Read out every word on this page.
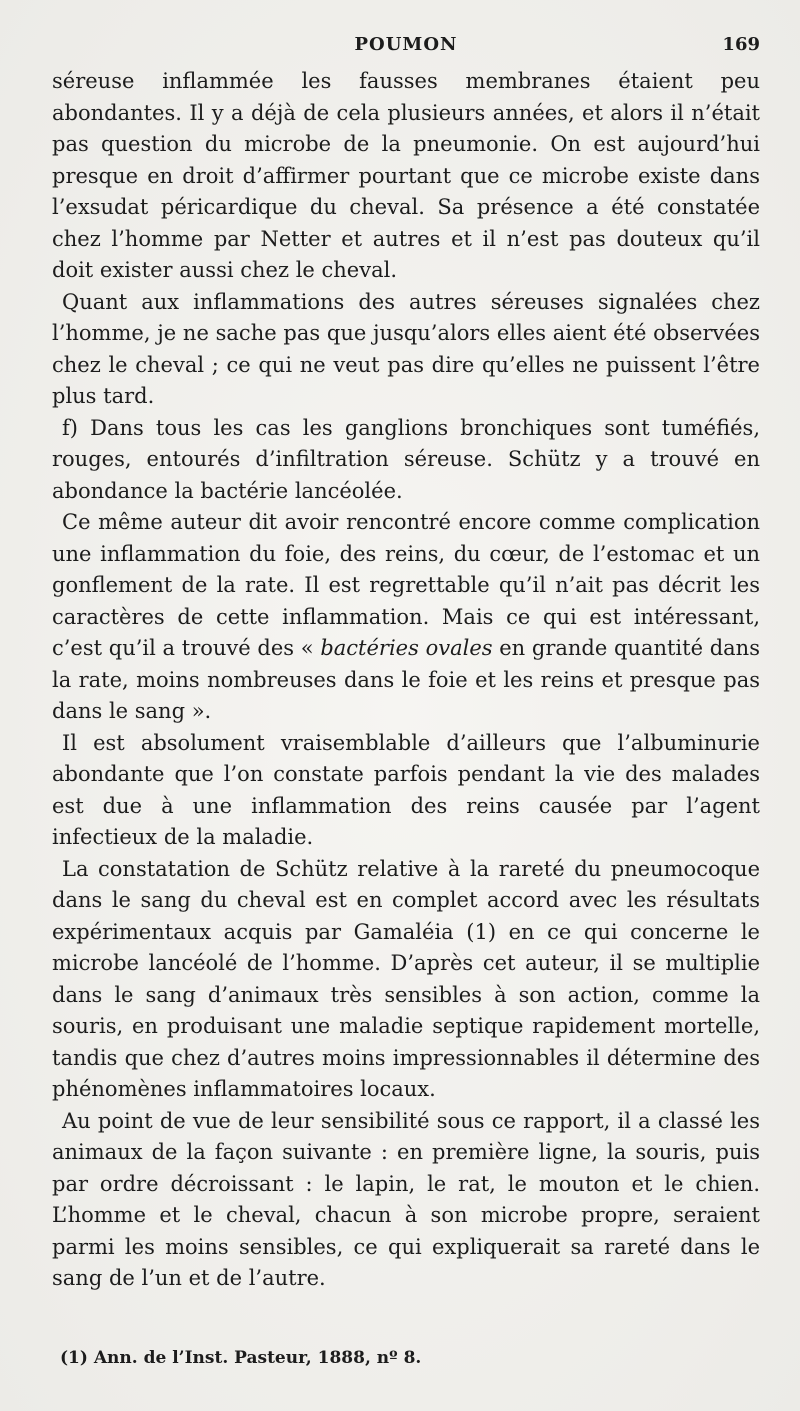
POUMON	169

séreuse inflammée les fausses membranes étaient peu abondantes. Il y a déjà de cela plusieurs années, et alors il n’était pas question du microbe de la pneumonie. On est aujourd’hui presque en droit d’affirmer pourtant que ce microbe existe dans l’exsudat péricardique du cheval. Sa présence a été constatée chez l’homme par Netter et autres et il n’est pas douteux qu’il doit exister aussi chez le cheval.

Quant aux inflammations des autres séreuses signalées chez l’homme, je ne sache pas que jusqu’alors elles aient été observées chez le cheval ; ce qui ne veut pas dire qu’elles ne puissent l’être plus tard.

f) Dans tous les cas les ganglions bronchiques sont tuméfiés, rouges, entourés d’infiltration séreuse. Schütz y a trouvé en abondance la bactérie lancéolée.

Ce même auteur dit avoir rencontré encore comme complication une inflammation du foie, des reins, du cœur, de l’estomac et un gonflement de la rate. Il est regrettable qu’il n’ait pas décrit les caractères de cette inflammation. Mais ce qui est intéressant, c’est qu’il a trouvé des « bactéries ovales en grande quantité dans la rate, moins nombreuses dans le foie et les reins et presque pas dans le sang ».

Il est absolument vraisemblable d’ailleurs que l’albuminurie abondante que l’on constate parfois pendant la vie des malades est due à une inflammation des reins causée par l’agent infectieux de la maladie.

La constatation de Schütz relative à la rareté du pneumocoque dans le sang du cheval est en complet accord avec les résultats expérimentaux acquis par Gamaléia (1) en ce qui concerne le microbe lancéolé de l’homme. D’après cet auteur, il se multiplie dans le sang d’animaux très sensibles à son action, comme la souris, en produisant une maladie septique rapidement mortelle, tandis que chez d’autres moins impressionnables il détermine des phénomènes inflammatoires locaux.

Au point de vue de leur sensibilité sous ce rapport, il a classé les animaux de la façon suivante : en première ligne, la souris, puis par ordre décroissant : le lapin, le rat, le mouton et le chien. L’homme et le cheval, chacun à son microbe propre, seraient parmi les moins sensibles, ce qui expliquerait sa rareté dans le sang de l’un et de l’autre.

(1) Ann. de l’Inst. Pasteur, 1888, nº 8.
